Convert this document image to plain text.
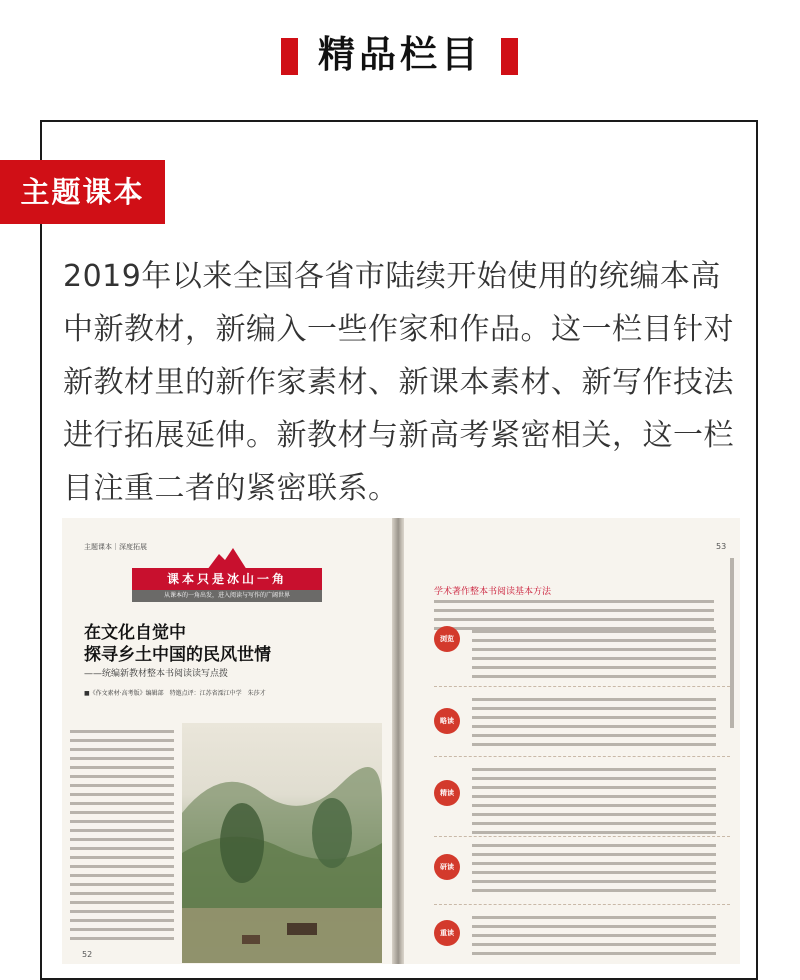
精品栏目
主题课本
2019年以来全国各省市陆续开始使用的统编本高中新教材，新编入一些作家和作品。这一栏目针对新教材里的新作家素材、新课本素材、新写作技法进行拓展延伸。新教材与新高考紧密相关，这一栏目注重二者的紧密联系。
主题课本｜深度拓展
课本只是冰山一角
从课本的一角出发，进入阅读与写作的广阔世界
在文化自觉中
探寻乡土中国的民风世情
——统编新教材整本书阅读读写点拨
■《作文素材·高考版》编辑部　特邀点评：江苏省溧江中学　朱莎才
52
53
学术著作整本书阅读基本方法
浏览
略读
精读
研读
重读
